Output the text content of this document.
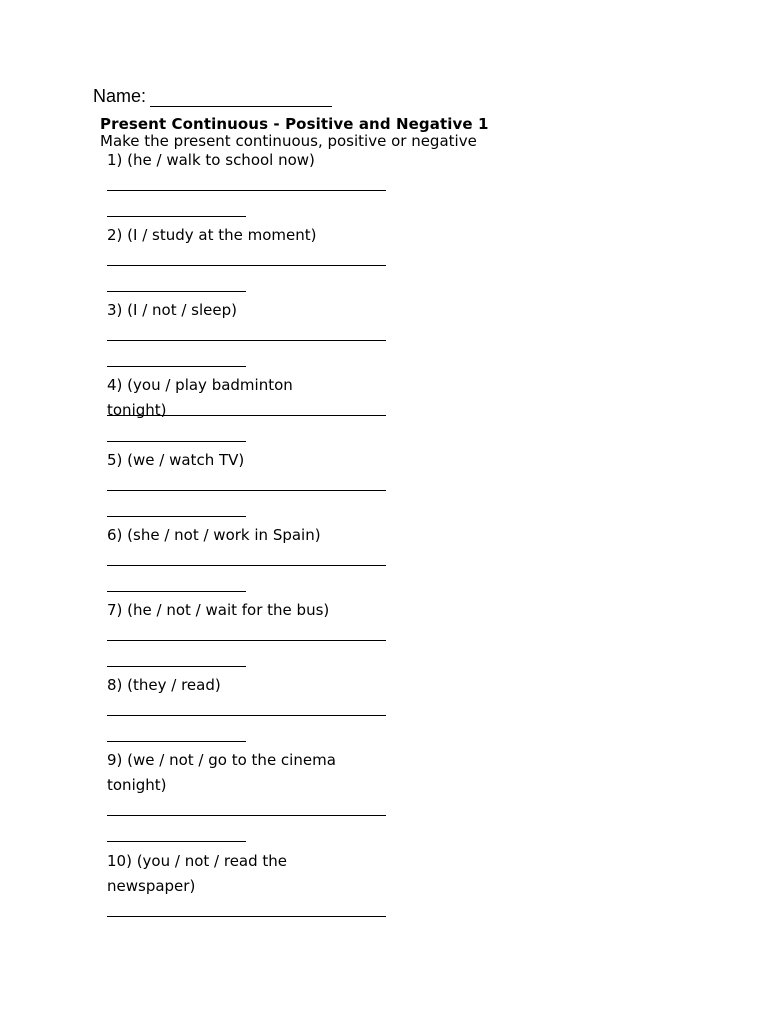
Name:
Present Continuous - Positive and Negative 1
Make the present continuous, positive or negative
1) (he / walk to school now)
2) (I / study at the moment)
3) (I / not / sleep)
4) (you / play badminton tonight)
5) (we / watch TV)
6) (she / not / work in Spain)
7) (he / not / wait for the bus)
8) (they / read)
9) (we / not / go to the cinema tonight)
10) (you / not / read the newspaper)
